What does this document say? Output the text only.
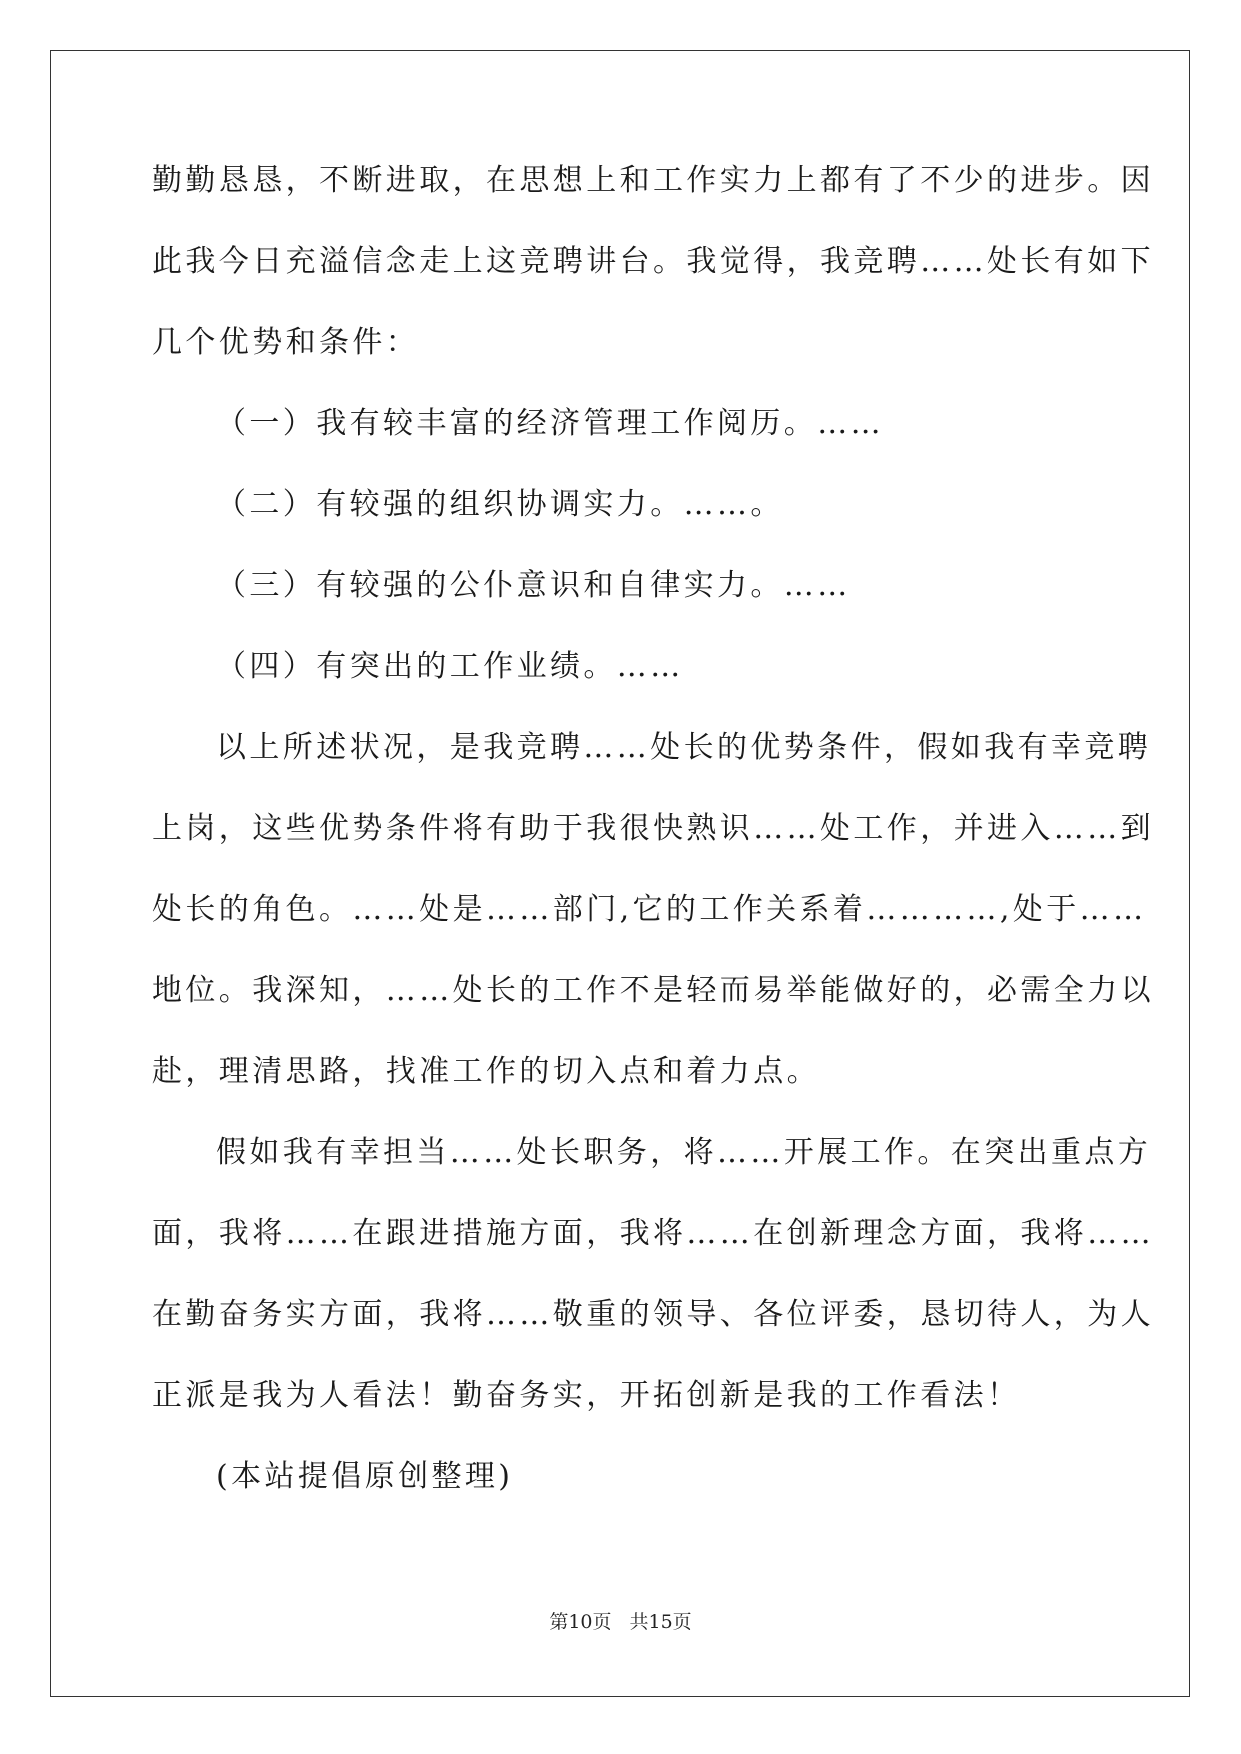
勤勤恳恳，不断进取，在思想上和工作实力上都有了不少的进步。因
此我今日充溢信念走上这竞聘讲台。我觉得，我竞聘……处长有如下
几个优势和条件：
（一）我有较丰富的经济管理工作阅历。……
（二）有较强的组织协调实力。……。
（三）有较强的公仆意识和自律实力。……
（四）有突出的工作业绩。……
以上所述状况，是我竞聘……处长的优势条件，假如我有幸竞聘
上岗，这些优势条件将有助于我很快熟识……处工作，并进入……到
处长的角色。……处是……部门,它的工作关系着…………,处于……
地位。我深知，……处长的工作不是轻而易举能做好的，必需全力以
赴，理清思路，找准工作的切入点和着力点。
假如我有幸担当……处长职务，将……开展工作。在突出重点方
面，我将……在跟进措施方面，我将……在创新理念方面，我将……
在勤奋务实方面，我将……敬重的领导、各位评委，恳切待人，为人
正派是我为人看法！勤奋务实，开拓创新是我的工作看法！
(本站提倡原创整理)
第10页 共15页
